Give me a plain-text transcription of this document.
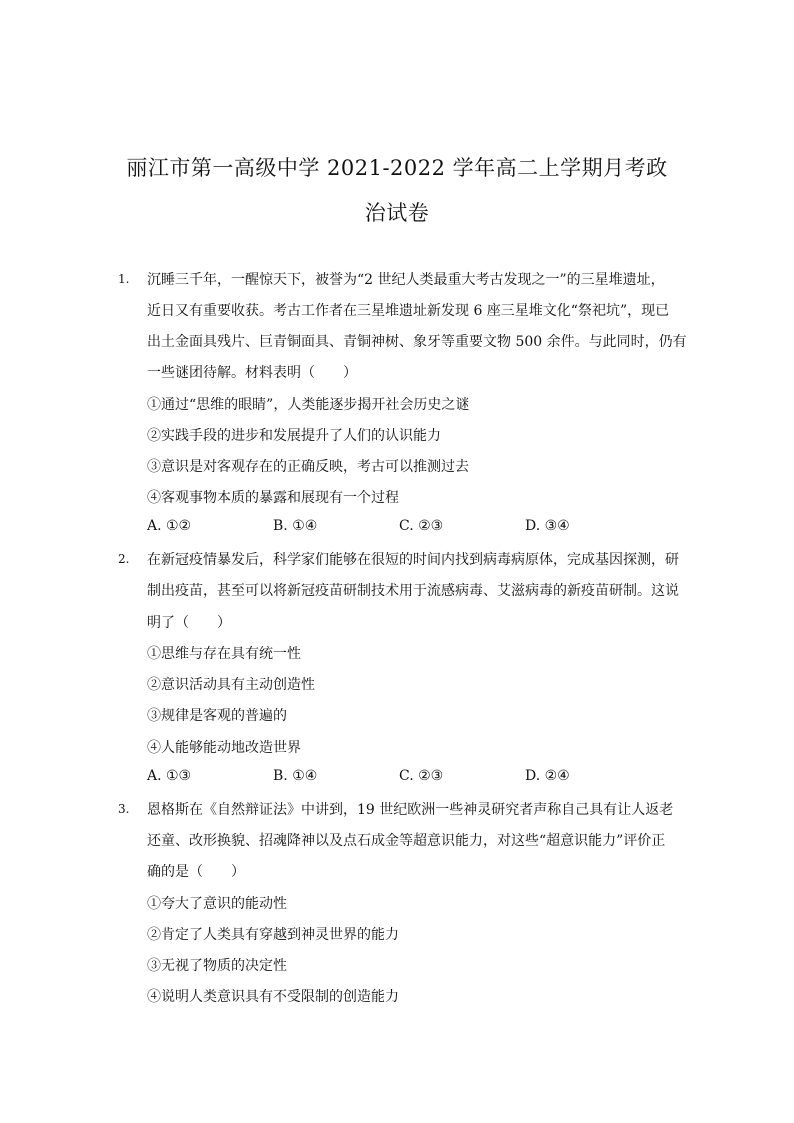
丽江市第一高级中学 2021-2022 学年高二上学期月考政
治试卷
1. 沉睡三千年，一醒惊天下，被誉为“2 世纪人类最重大考古发现之一”的三星堆遗址，
近日又有重要收获。考古工作者在三星堆遗址新发现 6 座三星堆文化“祭祀坑”，现已
出土金面具残片、巨青铜面具、青铜神树、象牙等重要文物 500 余件。与此同时，仍有
一些谜团待解。材料表明（　　）
①通过“思维的眼睛”，人类能逐步揭开社会历史之谜
②实践手段的进步和发展提升了人们的认识能力
③意识是对客观存在的正确反映，考古可以推测过去
④客观事物本质的暴露和展现有一个过程
A. ①②	B. ①④	C. ②③	D. ③④
2. 在新冠疫情暴发后，科学家们能够在很短的时间内找到病毒病原体，完成基因探测，研
制出疫苗，甚至可以将新冠疫苗研制技术用于流感病毒、艾滋病毒的新疫苗研制。这说
明了（　　）
①思维与存在具有统一性
②意识活动具有主动创造性
③规律是客观的普遍的
④人能够能动地改造世界
A. ①③	B. ①④	C. ②③	D. ②④
3. 恩格斯在《自然辩证法》中讲到，19 世纪欧洲一些神灵研究者声称自己具有让人返老
还童、改形换貌、招魂降神以及点石成金等超意识能力，对这些“超意识能力”评价正
确的是（　　）
①夸大了意识的能动性
②肯定了人类具有穿越到神灵世界的能力
③无视了物质的决定性
④说明人类意识具有不受限制的创造能力
